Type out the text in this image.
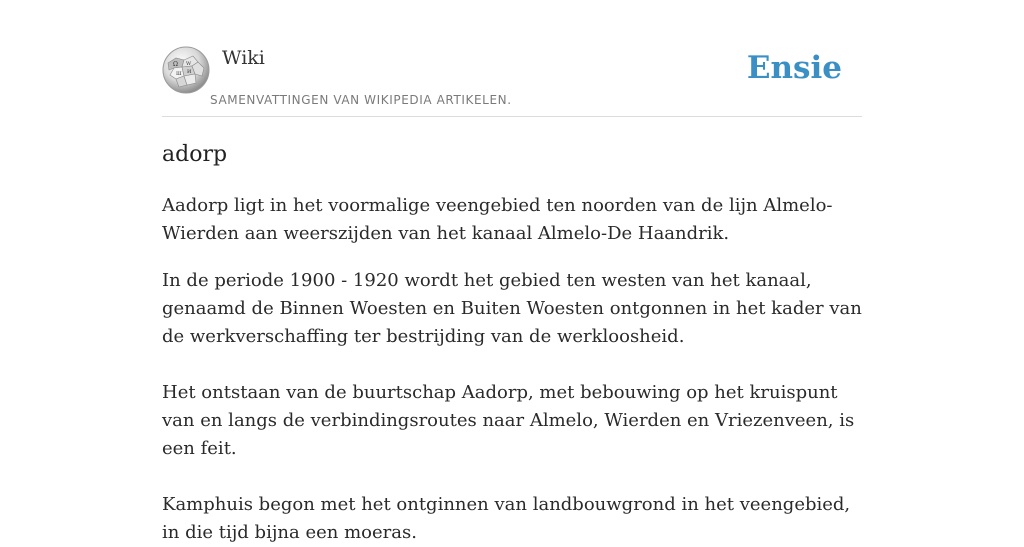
Ω W
Ш И
Wiki
SAMENVATTINGEN VAN WIKIPEDIA ARTIKELEN.
Ensie
adorp

Aadorp ligt in het voormalige veengebied ten noorden van de lijn Almelo-Wierden aan weerszijden van het kanaal Almelo-De Haandrik.

In de periode 1900 - 1920 wordt het gebied ten westen van het kanaal, genaamd de Binnen Woesten en Buiten Woesten ontgonnen in het kader van de werkverschaffing ter bestrijding van de werkloosheid.

Het ontstaan van de buurtschap Aadorp, met bebouwing op het kruispunt van en langs de verbindingsroutes naar Almelo, Wierden en Vriezenveen, is een feit.

Kamphuis begon met het ontginnen van landbouwgrond in het veengebied, in die tijd bijna een moeras.
